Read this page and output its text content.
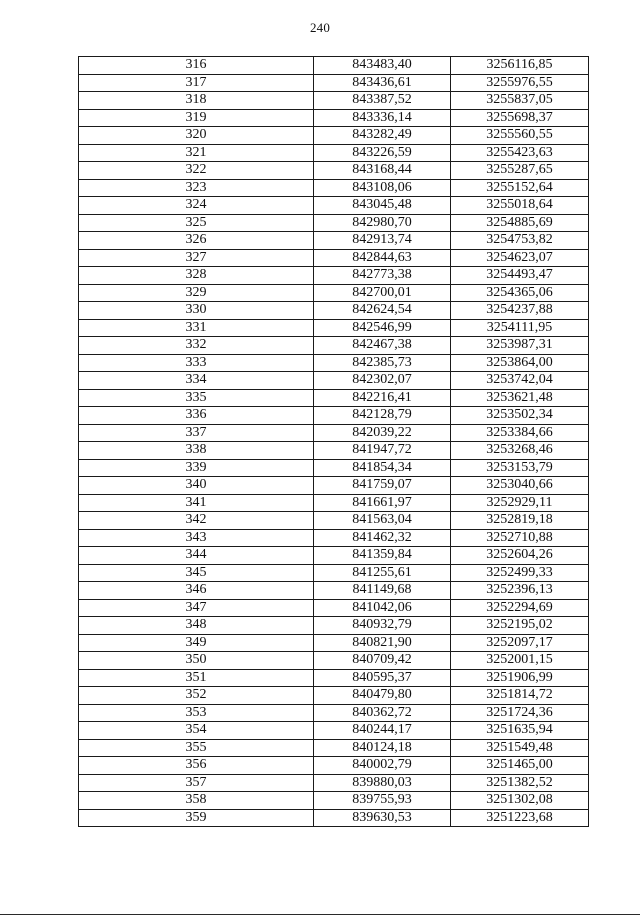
240
316	843483,40	3256116,85
317	843436,61	3255976,55
318	843387,52	3255837,05
319	843336,14	3255698,37
320	843282,49	3255560,55
321	843226,59	3255423,63
322	843168,44	3255287,65
323	843108,06	3255152,64
324	843045,48	3255018,64
325	842980,70	3254885,69
326	842913,74	3254753,82
327	842844,63	3254623,07
328	842773,38	3254493,47
329	842700,01	3254365,06
330	842624,54	3254237,88
331	842546,99	3254111,95
332	842467,38	3253987,31
333	842385,73	3253864,00
334	842302,07	3253742,04
335	842216,41	3253621,48
336	842128,79	3253502,34
337	842039,22	3253384,66
338	841947,72	3253268,46
339	841854,34	3253153,79
340	841759,07	3253040,66
341	841661,97	3252929,11
342	841563,04	3252819,18
343	841462,32	3252710,88
344	841359,84	3252604,26
345	841255,61	3252499,33
346	841149,68	3252396,13
347	841042,06	3252294,69
348	840932,79	3252195,02
349	840821,90	3252097,17
350	840709,42	3252001,15
351	840595,37	3251906,99
352	840479,80	3251814,72
353	840362,72	3251724,36
354	840244,17	3251635,94
355	840124,18	3251549,48
356	840002,79	3251465,00
357	839880,03	3251382,52
358	839755,93	3251302,08
359	839630,53	3251223,68
